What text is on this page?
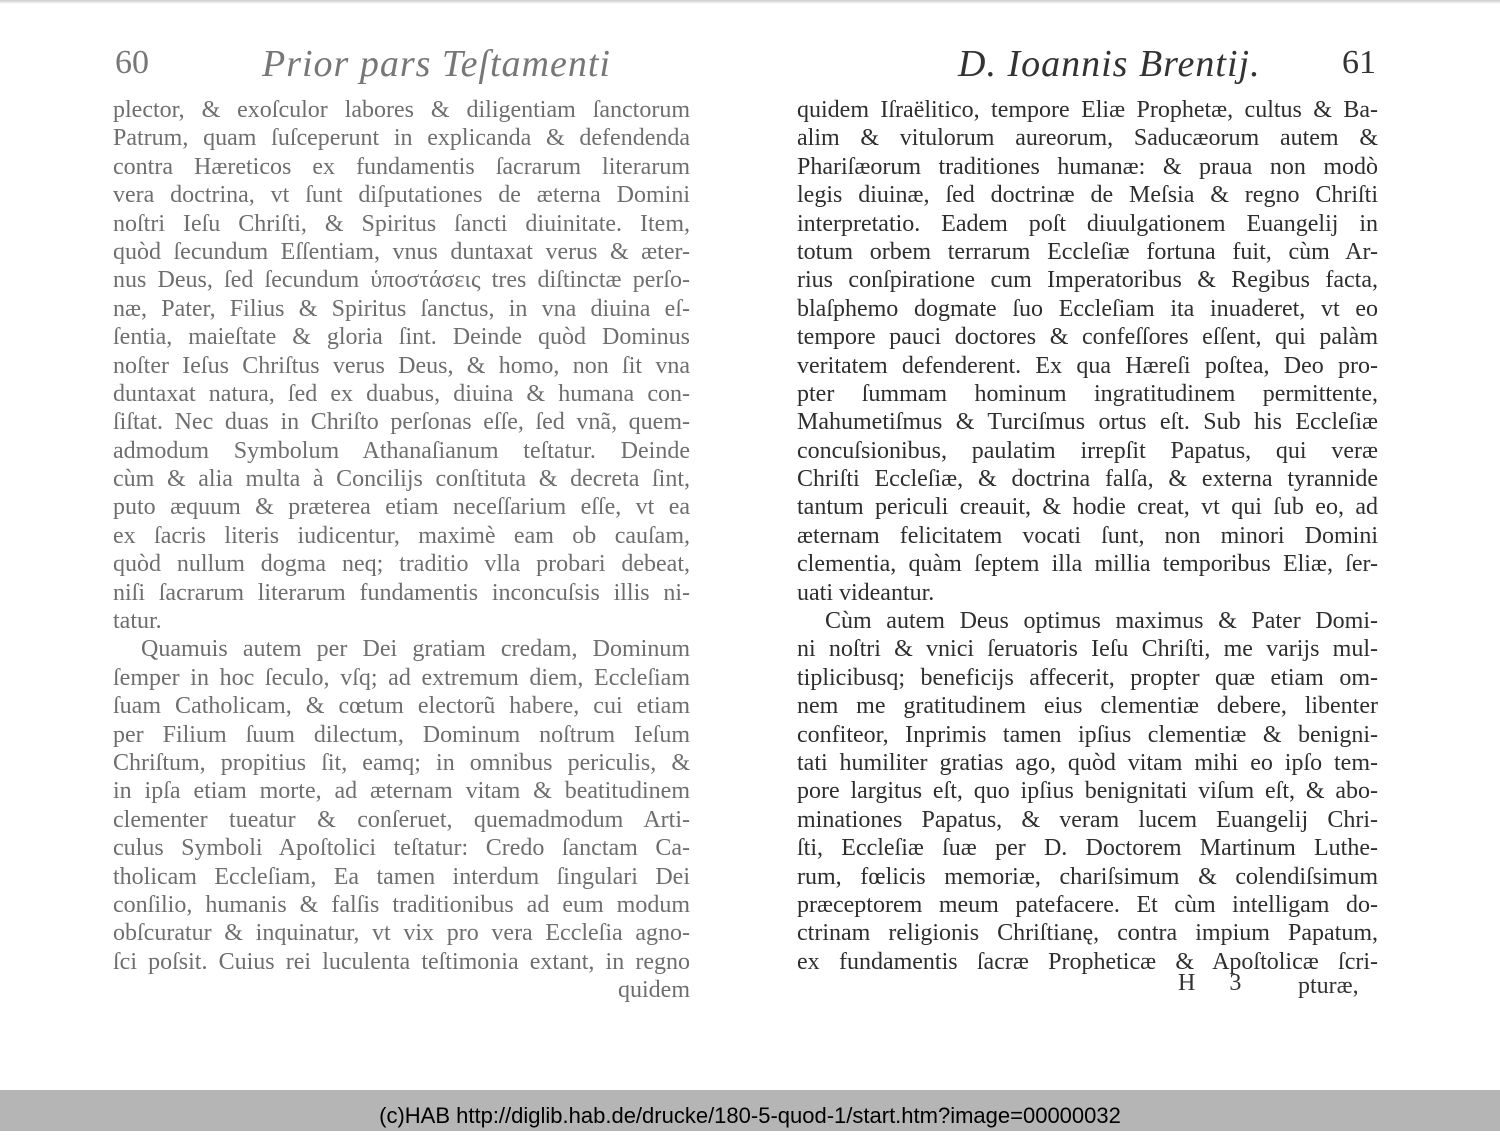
60	Prior pars Teſtamenti	D. Ioannis Brentij. 61
plector, & exoſculor labores & diligentiam ſanctorum
Patrum, quam ſuſceperunt in explicanda & defendenda
contra Hæreticos ex fundamentis ſacrarum literarum
vera doctrina, vt ſunt diſputationes de æterna Domini
noſtri Ieſu Chriſti, & Spiritus ſancti diuinitate. Item,
quòd ſecundum Eſſentiam, vnus duntaxat verus & æter-
nus Deus, ſed ſecundum ὑποστάσεις tres diſtinctæ perſo-
næ, Pater, Filius & Spiritus ſanctus, in vna diuina eſ-
ſentia, maieſtate & gloria ſint. Deinde quòd Dominus
noſter Ieſus Chriſtus verus Deus, & homo, non ſit vna
duntaxat natura, ſed ex duabus, diuina & humana con-
ſiſtat. Nec duas in Chriſto perſonas eſſe, ſed vnã, quem-
admodum Symbolum Athanaſianum teſtatur. Deinde
cùm & alia multa à Concilijs conſtituta & decreta ſint,
puto æquum & præterea etiam neceſſarium eſſe, vt ea
ex ſacris literis iudicentur, maximè eam ob cauſam,
quòd nullum dogma neq; traditio vlla probari debeat,
niſi ſacrarum literarum fundamentis inconcuſsis illis ni-
tatur.
Quamuis autem per Dei gratiam credam, Dominum
ſemper in hoc ſeculo, vſq; ad extremum diem, Eccleſiam
ſuam Catholicam, & cœtum electorũ habere, cui etiam
per Filium ſuum dilectum, Dominum noſtrum Ieſum
Chriſtum, propitius ſit, eamq; in omnibus periculis, &
in ipſa etiam morte, ad æternam vitam & beatitudinem
clementer tueatur & conſeruet, quemadmodum Arti-
culus Symboli Apoſtolici teſtatur: Credo ſanctam Ca-
tholicam Eccleſiam, Ea tamen interdum ſingulari Dei
conſilio, humanis & falſis traditionibus ad eum modum
obſcuratur & inquinatur, vt vix pro vera Eccleſia agno-
ſci poſsit. Cuius rei luculenta teſtimonia extant, in regno
quidem
quidem Iſraëlitico, tempore Eliæ Prophetæ, cultus & Ba-
alim & vitulorum aureorum, Saducæorum autem &
Phariſæorum traditiones humanæ: & praua non modò
legis diuinæ, ſed doctrinæ de Meſsia & regno Chriſti
interpretatio. Eadem poſt diuulgationem Euangelij in
totum orbem terrarum Eccleſiæ fortuna fuit, cùm Ar-
rius conſpiratione cum Imperatoribus & Regibus facta,
blaſphemo dogmate ſuo Eccleſiam ita inuaderet, vt eo
tempore pauci doctores & confeſſores eſſent, qui palàm
veritatem defenderent. Ex qua Hæreſi poſtea, Deo pro-
pter ſummam hominum ingratitudinem permittente,
Mahumetiſmus & Turciſmus ortus eſt. Sub his Eccleſiæ
concuſsionibus, paulatim irrepſit Papatus, qui veræ
Chriſti Eccleſiæ, & doctrina falſa, & externa tyrannide
tantum periculi creauit, & hodie creat, vt qui ſub eo, ad
æternam felicitatem vocati ſunt, non minori Domini
clementia, quàm ſeptem illa millia temporibus Eliæ, ſer-
uati videantur.
Cùm autem Deus optimus maximus & Pater Domi-
ni noſtri & vnici ſeruatoris Ieſu Chriſti, me varijs mul-
tiplicibusq; beneficijs affecerit, propter quæ etiam om-
nem me gratitudinem eius clementiæ debere, libenter
confiteor, Inprimis tamen ipſius clementiæ & benigni-
tati humiliter gratias ago, quòd vitam mihi eo ipſo tem-
pore largitus eſt, quo ipſius benignitati viſum eſt, & abo-
minationes Papatus, & veram lucem Euangelij Chri-
ſti, Eccleſiæ ſuæ per D. Doctorem Martinum Luthe-
rum, fœlicis memoriæ, chariſsimum & colendiſsimum
præceptorem meum patefacere. Et cùm intelligam do-
ctrinam religionis Chriſtianę, contra impium Papatum,
ex fundamentis ſacræ Propheticæ & Apoſtolicæ ſcri-
H 3 pturæ,
(c)HAB http://diglib.hab.de/drucke/180-5-quod-1/start.htm?image=00000032
